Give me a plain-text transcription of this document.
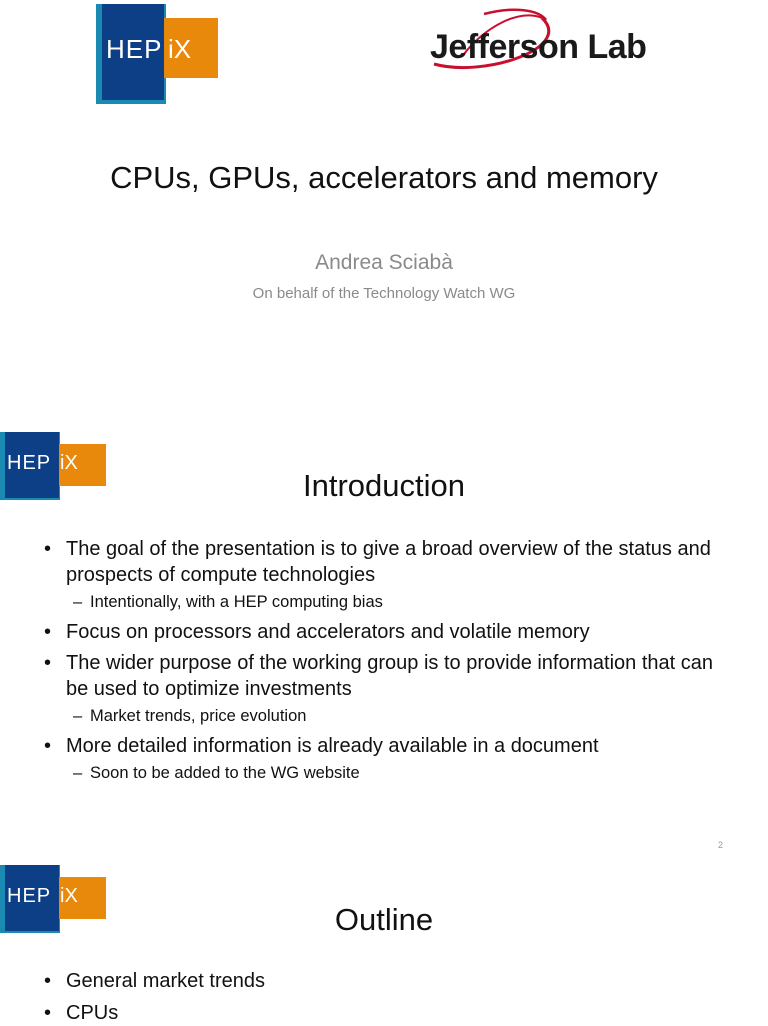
HEP iX	Jefferson Lab
CPUs, GPUs, accelerators and memory
Andrea Sciabà
On behalf of the Technology Watch WG
HEP iX
Introduction
• The goal of the presentation is to give a broad overview of the status and prospects of compute technologies
– Intentionally, with a HEP computing bias
• Focus on processors and accelerators and volatile memory
• The wider purpose of the working group is to provide information that can be used to optimize investments
– Market trends, price evolution
• More detailed information is already available in a document
– Soon to be added to the WG website
2
HEP iX
Outline
• General market trends
• CPUs
